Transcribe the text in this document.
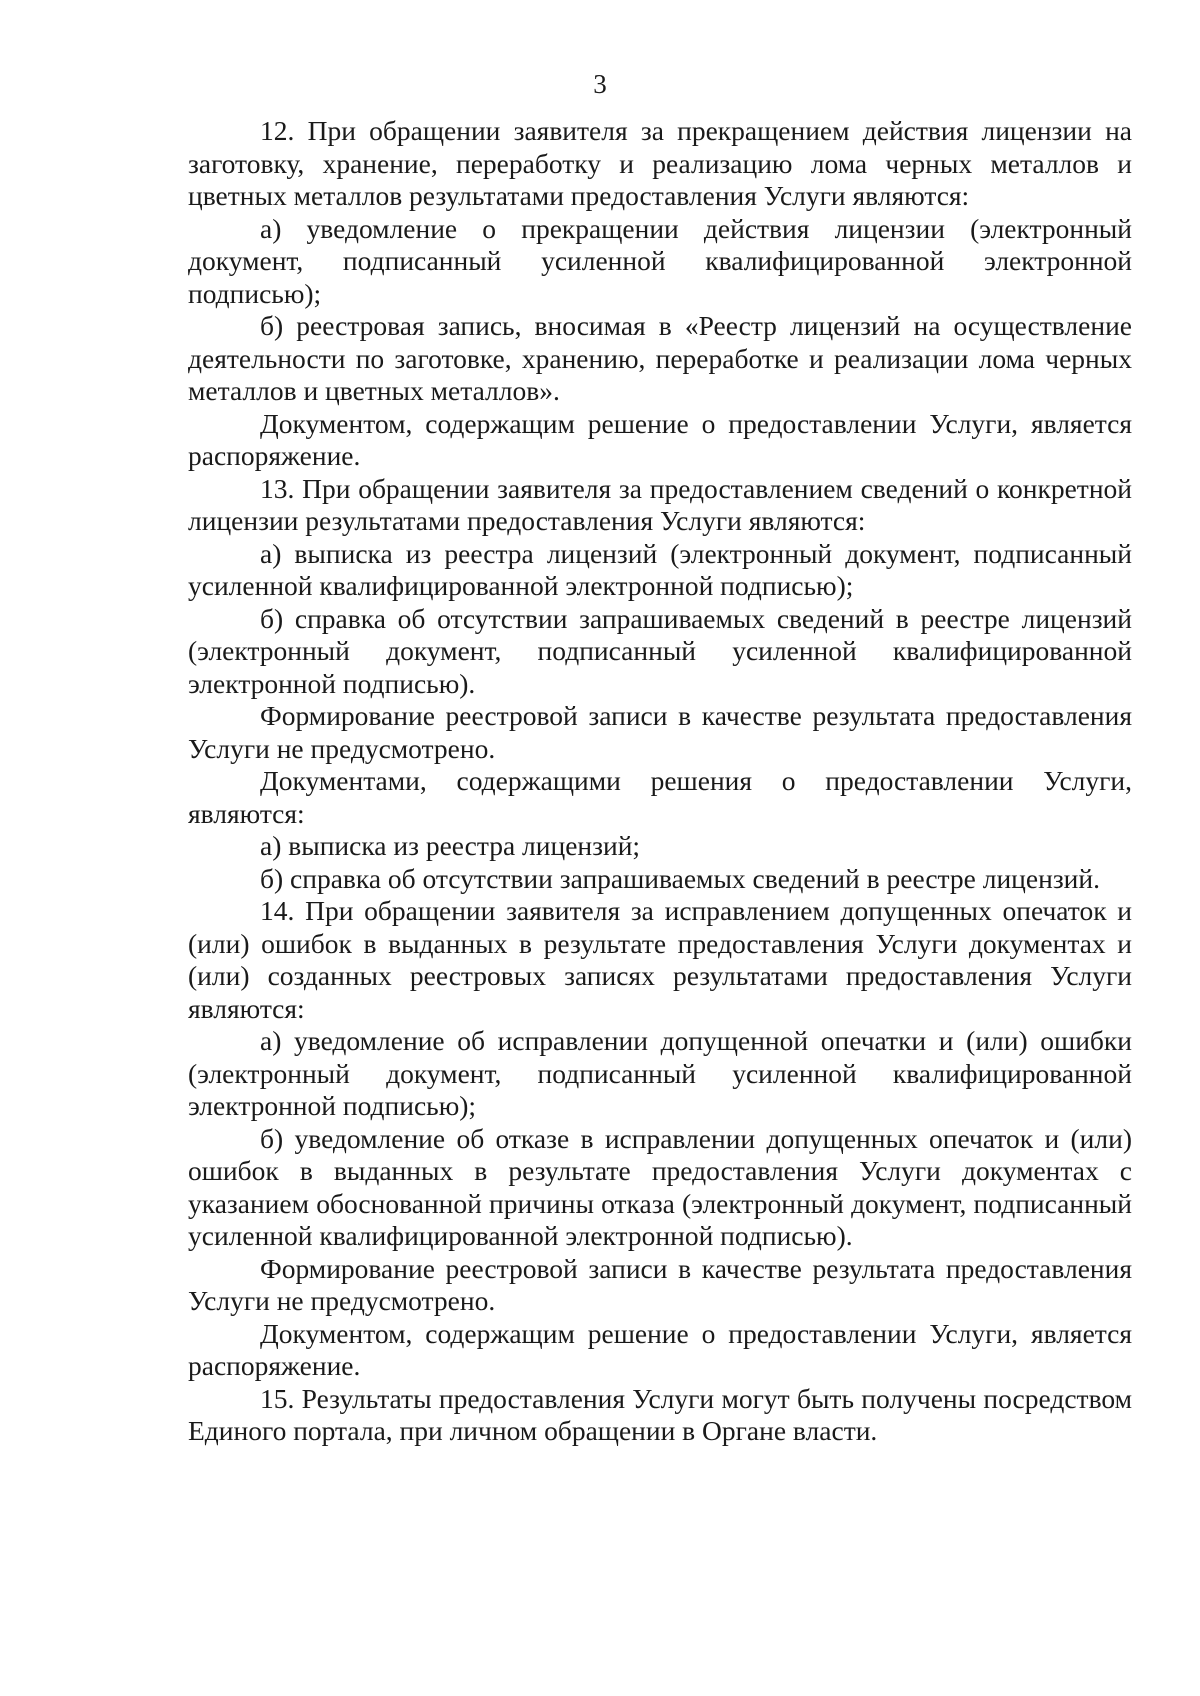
3

12. При обращении заявителя за прекращением действия лицензии на заготовку, хранение, переработку и реализацию лома черных металлов и цветных металлов результатами предоставления Услуги являются:

а) уведомление о прекращении действия лицензии (электронный документ, подписанный усиленной квалифицированной электронной подписью);

б) реестровая запись, вносимая в «Реестр лицензий на осуществление деятельности по заготовке, хранению, переработке и реализации лома черных металлов и цветных металлов».

Документом, содержащим решение о предоставлении Услуги, является распоряжение.

13. При обращении заявителя за предоставлением сведений о конкретной лицензии результатами предоставления Услуги являются:

а) выписка из реестра лицензий (электронный документ, подписанный усиленной квалифицированной электронной подписью);

б) справка об отсутствии запрашиваемых сведений в реестре лицензий (электронный документ, подписанный усиленной квалифицированной электронной подписью).

Формирование реестровой записи в качестве результата предоставления Услуги не предусмотрено.

Документами, содержащими решения о предоставлении Услуги, являются:

а) выписка из реестра лицензий;

б) справка об отсутствии запрашиваемых сведений в реестре лицензий.

14. При обращении заявителя за исправлением допущенных опечаток и (или) ошибок в выданных в результате предоставления Услуги документах и (или) созданных реестровых записях результатами предоставления Услуги являются:

а) уведомление об исправлении допущенной опечатки и (или) ошибки (электронный документ, подписанный усиленной квалифицированной электронной подписью);

б) уведомление об отказе в исправлении допущенных опечаток и (или) ошибок в выданных в результате предоставления Услуги документах с указанием обоснованной причины отказа (электронный документ, подписанный усиленной квалифицированной электронной подписью).

Формирование реестровой записи в качестве результата предоставления Услуги не предусмотрено.

Документом, содержащим решение о предоставлении Услуги, является распоряжение.

15. Результаты предоставления Услуги могут быть получены посредством Единого портала, при личном обращении в Органе власти.
